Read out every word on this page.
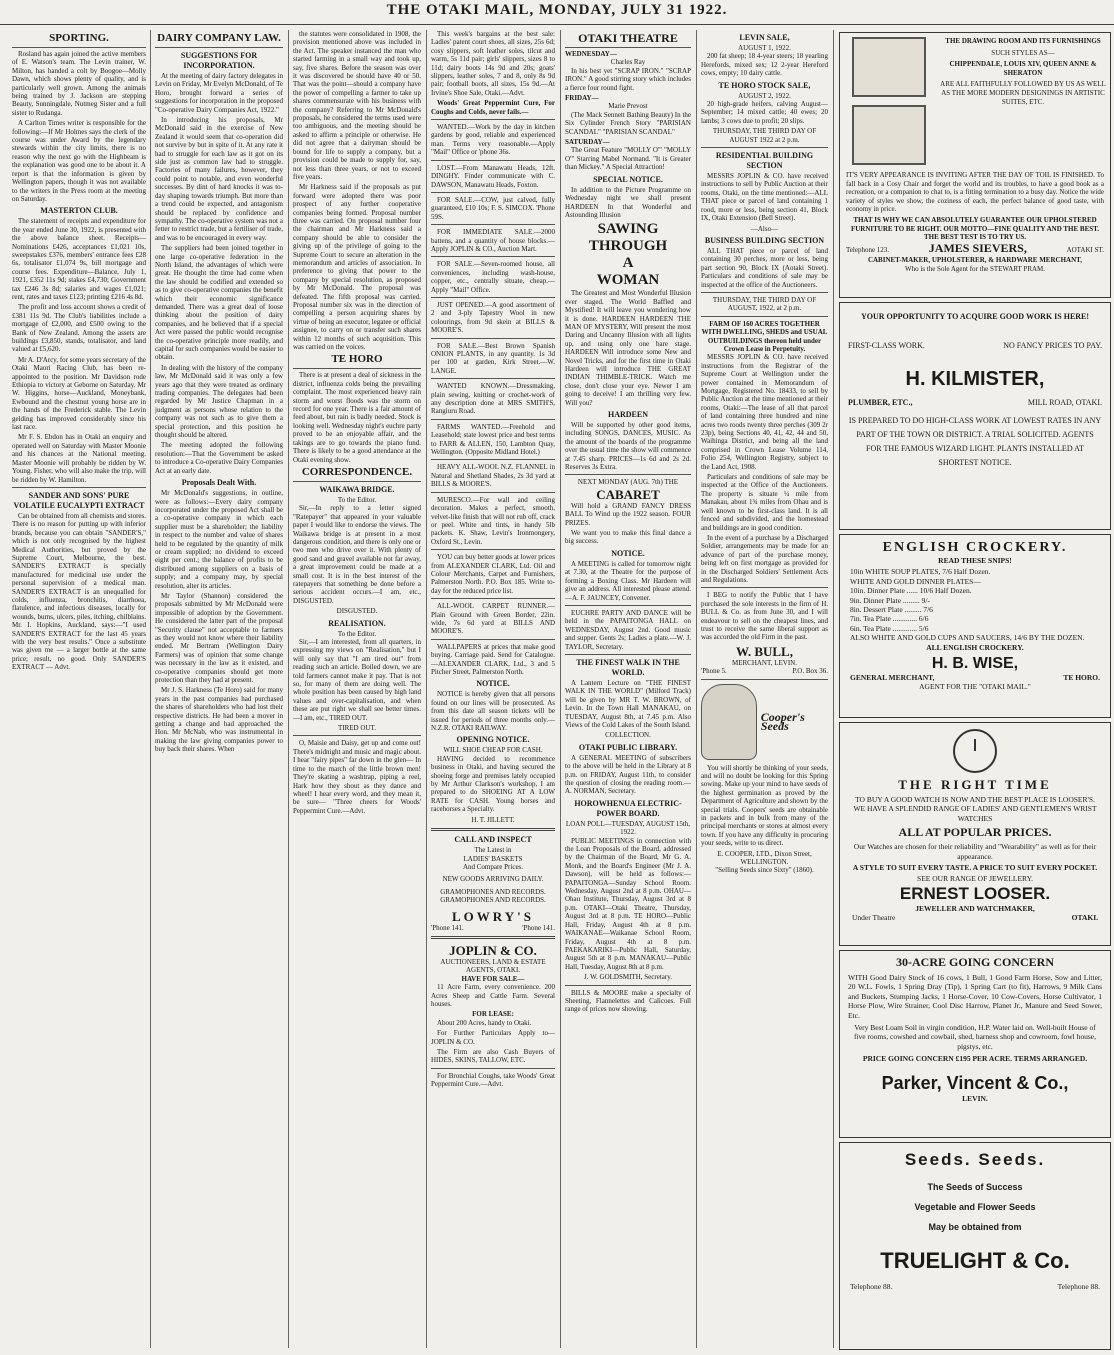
THE OTAKI MAIL, MONDAY, JULY 31 1922.
SPORTING.

Rosland has again joined the active members of E. Watson's team. The Levin trainer, W. Milton, has handed a colt by Boogoe—Molly Dawn, which shows plenty of quality, and is particularly well grown. Among the animals being trained by J. Jackson are stepping Beauty, Sunningdale, Nutmeg Sister and a full sister to Rudanga.

A Carlton Times writer is responsible for the following:—If Mr Holmes says the clerk of the course was under Award by the legendary stewards within the city limits, there is no reason why the next go with the Highbeam is the explanation was good one to be about it. A report is that the information is given by Wellington papers, though it was not available to the writers in the Press room at the meeting on Saturday.

MASTERTON CLUB.

The statement of receipts and expenditure for the year ended June 30, 1922, is presented with the above balance sheet. Receipts—Nominations £426, acceptances £1,021 10s, sweepstakes £376, members' entrance fees £28 6s, totalisator £1,074 9s, bill mortgage and course fees. Expenditure—Balance, July 1, 1921, £352 11s 9d; stakes £4,730; Government tax £246 3s 8d; salaries and wages £1,021; rent, rates and taxes £123; printing £216 4s 8d.

The profit and loss account shows a credit of £381 11s 9d. The Club's liabilities include a mortgage of £2,000, and £500 owing to the Bank of New Zealand. Among the assets are buildings £3,850, stands, totalisator, and land valued at £5,620.

Mr A. D'Arcy, for some years secretary of the Otaki Maori Racing Club, has been re-appointed to the position. Mr Davidson rode Ethiopia to victory at Geborne on Saturday. Mr W. Higgins, horse—Auckland, Moneybank, Ewbound and the chestnut young horse are in the hands of the Frederick stable. The Levin gelding has improved considerably since his last race.

Mr F. S. Ebdon has in Otaki an enquiry and operated well on Saturday with Master Moonie and his chances at the National meeting. Master Moonie will probably be ridden by W. Young. Fisher, who will also make the trip, will be ridden by W. Hamilton.

SANDER AND SONS' PURE VOLATILE EUCALYPTI EXTRACT

Can be obtained from all chemists and stores. There is no reason for putting up with inferior brands, because you can obtain "SANDER'S," which is not only recognised by the highest Medical Authorities, but proved by the Supreme Court, Melbourne, the best. SANDER'S EXTRACT is specially manufactured for medicinal use under the personal supervision of a medical man. SANDER'S EXTRACT is an unequalled for colds, influenza, bronchitis, diarrhoea, flatulence, and infectious diseases, locally for wounds, burns, ulcers, piles, itching, chilblains. Mr. I. Hopkins, Auckland, says:—"I used SANDER'S EXTRACT for the last 45 years with the very best results." Once a substitute was given me — a larger bottle at the same price; result, no good. Only SANDER'S EXTRACT — Advt.

DAIRY COMPANY LAW.
SUGGESTIONS FOR INCORPORATION.

At the meeting of dairy factory delegates in Levin on Friday, Mr Evelyn McDonald, of Te Horo, brought forward a series of suggestions for incorporation in the proposed "Co-operative Dairy Companies Act, 1922."

In introducing his proposals, Mr McDonald said in the exercise of New Zealand it would seem that co-operation did not survive by but in spite of it. At any rate it had to struggle for each law as it got on its side just as common law had to struggle. Factories of many failures, however, they could point to notable, and even wonderful successes. By dint of hard knocks it was to-day shaping towards triumph. But more than a trend could be expected, and antagonism should be replaced by confidence and sympathy. The co-operative system was not a fetter to restrict trade, but a fertiliser of trade, and was to be encouraged in every way.

The suppliers had been joined together in one large co-operative federation in the North Island, the advantages of which were great. He thought the time had come when the law should be codified and extended so as to give co-operative companies the benefit which their economic significance demanded. There was a great deal of loose thinking about the position of dairy companies, and he believed that if a special Act were passed the public would recognise the co-operative principle more readily, and capital for such companies would be easier to obtain.

In dealing with the history of the company law, Mr McDonald said it was only a few years ago that they were treated as ordinary trading companies. The delegates had been regarded by Mr Justice Chapman in a judgment as persons whose relation to the company was not such as to give them a special protection, and this position he thought should be altered.

The meeting adopted the following resolution:—That the Government be asked to introduce a Co-operative Dairy Companies Act at an early date.

Proposals Dealt With.

Mr McDonald's suggestions, in outline, were as follows:—Every dairy company incorporated under the proposed Act shall be a co-operative company in which each supplier must be a shareholder; the liability in respect to the number and value of shares held to be regulated by the quantity of milk or cream supplied; no dividend to exceed eight per cent.; the balance of profits to be distributed among suppliers on a basis of supply; and a company may, by special resolution, alter its articles.

Mr Taylor (Shannon) considered the proposals submitted by Mr McDonald were impossible of adoption by the Government. He considered the latter part of the proposal "Security clause" not acceptable to farmers as they would not know where their liability ended. Mr Bertram (Wellington Dairy Farmers) was of opinion that some change was necessary in the law as it existed, and co-operative companies should get more protection than they had at present.

Mr J. S. Harkness (Te Horo) said for many years in the past companies had purchased the shares of shareholders who had lost their respective districts. He had been a mover in getting a change and had approached the Hon. Mr McNab, who was instrumental in making the law giving companies power to buy back their shares. When

the statutes were consolidated in 1908, the provision mentioned above was included in the Act. The speaker instanced the man who started farming in a small way and took up, say, five shares. Before the season was over it was discovered he should have 40 or 50. That was the point—should a company have the power of compelling a farmer to take up shares commensurate with his business with the company? Referring to Mr McDonald's proposals, he considered the terms used were too ambiguous, and the meeting should be asked to affirm a principle or otherwise. He did not agree that a dairyman should be bound for life to supply a company, but a provision could be made to supply for, say, not less than three years, or not to exceed five years.

Mr Harkness said if the proposals as put forward were adopted there was poor prospect of any further cooperative companies being formed. Proposal number three was carried. On proposal number four the chairman and Mr Harkness said a company should be able to consider the giving up of the privilege of going to the Supreme Court to secure an alteration in the memorandum and articles of association. In preference to giving that power to the company by special resolution, as proposed by Mr McDonald. The proposal was defeated. The fifth proposal was carried. Proposal number six was in the direction of compelling a person acquiring shares by virtue of being an executor, legatee or official assignee, to carry on or transfer such shares within 12 months of such acquisition. This was carried on the voices.

TE HORO

There is at present a deal of sickness in the district, influenza colds being the prevailing complaint. The most experienced heavy rain storm and worst floods was the storm on record for one year. There is a fair amount of feed about, but rain is badly needed. Stock is looking well. Wednesday night's euchre party proved to be an enjoyable affair, and the takings are to go towards the piano fund. There is likely to be a good attendance at the Otaki evening show.

CORRESPONDENCE.
WAIKAWA BRIDGE.
To the Editor.

Sir,—In reply to a letter signed "Ratepayer" that appeared in your valuable paper I would like to endorse the views. The Waikawa bridge is at present in a most dangerous condition, and there is only one or two men who drive over it. With plenty of good sand and gravel available not far away, a great improvement could be made at a small cost. It is in the best interest of the ratepayers that something be done before a serious accident occurs.—I am, etc., DISGUSTED.

DISGUSTED.
REALISATION.
To the Editor.

Sir,—I am interested, from all quarters, in expressing my views on "Realisation," but I will only say that "I am tired out" from reading such an article. Boiled down, we are told farmers cannot make it pay. That is not so, for many of them are doing well. The whole position has been caused by high land values and over-capitalisation, and when these are put right we shall see better times.—I am, etc., TIRED OUT.

TIRED OUT.

O, Maisie and Daisy, get up and come out! There's midnight and music and magic about. I hear "fairy pipes" far down in the glen— In time to the march of the little brown men! They're skating a washtrap, piping a reel, Hark how they shout as they dance and wheel! I hear every word, and they mean it, be sure— "Three cheers for Woods' Peppermint Cure.—Advt.

This week's bargains at the best sale: Ladies' patent court shoes, all sizes, 25s 6d; cosy slippers, soft leather soles, tilcut and warm, 5s 11d pair; girls' slippers, sizes 8 to 11d; dairy boots 14s 9d and 20s; goats' slippers, leather soles, 7 and 8, only 8s 9d pair; football boots, all sizes, 15s 9d.—At Irvine's Shoe Sale, Otaki.—Advt.

Woods' Great Peppermint Cure, For Coughs and Colds, never fails.—

WANTED.—Work by the day in kitchen gardens by good, reliable and experienced man. Terms very reasonable.—Apply "Mail" Office or 'phone 36s.

LOST.—From Manawatu Heads, 12ft. DINGHY. Finder communicate with C. DAWSON, Manawatu Heads, Foxton.

FOR SALE.—COW, just calved, fully guaranteed, £10 10s; F. S. SIMCOX. 'Phone 59S.

FOR IMMEDIATE SALE.—2000 battens, and a quantity of house blocks.—Apply JOPLIN & CO., Auction Mart.

FOR SALE.—Seven-roomed house, all conveniences, including wash-house, copper, etc., centrally situate, cheap.—Apply "Mail" Office.

JUST OPENED.—A good assortment of 2 and 3-ply Tapestry Wool in new colourings, from 9d skein at BILLS & MOORE'S.

FOR SALE.—Best Brown Spanish ONION PLANTS, in any quantity. 1s 3d per 100 at garden, Kirk Street.—W. LANGE.

WANTED KNOWN.—Dressmaking, plain sewing, knitting or crochet-work of any description done at MRS SMITH'S, Rangiuru Road.

FARMS WANTED.—Freehold and Leasehold; state lowest price and best terms to FARR & ALLEN, 150, Lambton Quay, Wellington. (Opposite Midland Hotel.)

HEAVY ALL-WOOL N.Z. FLANNEL in Natural and Shetland Shades, 2s 3d yard at BILLS & MOORE'S.

MURESCO.—For wall and ceiling decoration. Makes a perfect, smooth, velvet-like finish that will not rub off, crack or peel. White and tints, in handy 5lb packets. K. Shaw, Levin's Ironmongery, Oxford St., Levin.

YOU can buy better goods at lower prices from ALEXANDER CLARK, Ltd. Oil and Colour Merchants, Carpet and Furnishers, Palmerston North. P.O. Box 185. Write to-day for the reduced price list.

ALL-WOOL CARPET RUNNER.—Plain Ground with Green Border, 22in. wide, 7s 6d yard at BILLS AND MOORE'S.

WALLPAPERS at prices that make good buying. Carriage paid. Send for Catalogue.—ALEXANDER CLARK, Ltd., 3 and 5 Pitcher Street, Palmerston North.

NOTICE.

NOTICE is hereby given that all persons found on our lines will be prosecuted. As from this date all season tickets will be issued for periods of three months only.—N.Z.R. OTAKI RAILWAY.

OPENING NOTICE.
WILL SHOE CHEAP FOR CASH.

HAVING decided to recommence business in Otaki, and having secured the shoeing forge and premises lately occupied by Mr Arthur Clarkson's workshop, I am prepared to do SHOEING AT A LOW RATE for CASH. Young horses and racehorses a Specialty.

H. T. JILLETT.
CALL AND INSPECT
The Latest in
LADIES' BASKETS
And Compare Prices.
NEW GOODS ARRIVING DAILY.
GRAMOPHONES AND RECORDS. GRAMOPHONES AND RECORDS.
LOWRY'S
'Phone 141.	'Phone 141.
JOPLIN & CO.
AUCTIONEERS, LAND & ESTATE AGENTS, OTAKI.
HAVE FOR SALE—

11 Acre Farm, every convenience. 200 Acres Sheep and Cattle Farm. Several houses.

FOR LEASE:

About 200 Acres, handy to Otaki.

For Further Particulars Apply to—JOPLIN & CO.

The Firm are also Cash Buyers of HIDES, SKINS, TALLOW, ETC.

For Bronchial Coughs, take Woods' Great Peppermint Cure.—Advt.

OTAKI THEATRE
WEDNESDAY—
Charles Ray

In his best yet "SCRAP IRON." "SCRAP IRON." A good stirring story which includes a fierce four round fight.

FRIDAY—
Marie Prevost

(The Mack Sennett Bathing Beauty) In the Six Cylinder French Story "PARISIAN SCANDAL" "PARISIAN SCANDAL"

SATURDAY—

The Great Feature "MOLLY O'" "MOLLY O'" Starring Mabel Normand. "It is Greater than Mickey." A Special Attraction!

SPECIAL NOTICE.

In addition to the Picture Programme on Wednesday night we shall present HARDEEN In that Wonderful and Astounding Illusion

SAWING
THROUGH
A
WOMAN

The Greatest and Most Wonderful Illusion ever staged. The World Baffled and Mystified! It will leave you wondering how it is done. HARDEEN HARDEEN THE MAN OF MYSTERY, Will present the most Daring and Uncanny Illusion with all lights up, and using only one bare stage. HARDEEN Will introduce some New and Novel Tricks, and for the first time in Otaki Hardeen will introduce THE GREAT INDIAN THIMBLE-TRICK. Watch me close, don't close your eye. Newer I am going to deceive! I am thrilling very few. Will you?

HARDEEN

Will be supported by other good items, including SONGS, DANCES, MUSIC. As the amount of the boards of the programme over the usual time the show will commence at 7.45 sharp. PRICES—1s 6d and 2s 2d. Reserves 3s Extra.

NEXT MONDAY (AUG. 7th) THE
CABARET

Will hold a GRAND FANCY DRESS BALL To Wind up the 1922 season. FOUR PRIZES.

We want you to make this final dance a big success.

NOTICE.

A MEETING is called for tomorrow night at 7.30, at the Theatre for the purpose of forming a Boxing Class. Mr Hardeen will give an address. All interested please attend.—A. F. JAUNCEY, Convener.

EUCHRE PARTY AND DANCE will be held in the PAPAITONGA HALL on WEDNESDAY, August 2nd. Good music and supper. Gents 2s; Ladies a plate.—W. J. TAYLOR, Secretary.

THE FINEST WALK IN THE WORLD.

A Lantern Lecture on "THE FINEST WALK IN THE WORLD" (Milford Track) will be given by MR T. W. BROWN, of Levin. In the Town Hall MANAKAU, on TUESDAY, August 8th, at 7.45 p.m. Also Views of the Cold Lakes of the South Island.

COLLECTION.
OTAKI PUBLIC LIBRARY.

A GENERAL MEETING of subscribers to the above will be held in the Library at 8 p.m. on FRIDAY, August 11th, to consider the question of closing the reading room.—A. NORMAN, Secretary.

HOROWHENUA ELECTRIC-POWER BOARD.
LOAN POLL—TUESDAY, AUGUST 15th, 1922.

PUBLIC MEETINGS in connection with the Loan Proposals of the Board, addressed by the Chairman of the Board, Mr G. A. Monk, and the Board's Engineer (Mr J. A. Dawson), will be held as follows:—PAPAITONGA—Sunday School Room. Wednesday, August 2nd at 8 p.m. OHAU—Ohau Institute, Thursday, August 3rd at 8 p.m. OTAKI—Otaki Theatre, Thursday, August 3rd at 8 p.m. TE HORO—Public Hall, Friday, August 4th at 8 p.m. WAIKANAE—Waikanae School Room, Friday, August 4th at 8 p.m. PAEKAKARIKI—Public Hall, Saturday, August 5th at 8 p.m. MANAKAU—Public Hall, Tuesday, August 8th at 8 p.m.

J. W. GOLDSMITH, Secretary.

BILLS & MOORE make a specialty of Sheeting, Flannelettes and Calicoes. Full range of prices now showing.

LEVIN SALE,
AUGUST 1, 1922.

200 fat sheep; 18 4-year steers; 18 yearling Herefords, mixed sex; 12 2-year Hereford cows, empty; 10 dairy cattle.

TE HORO STOCK SALE,
AUGUST 2, 1922.

20 high-grade heifers, calving August—September; 14 mixed cattle; 40 ewes; 20 lambs; 3 cows due to profit; 20 slips.

THURSDAY, THE THIRD DAY OF AUGUST 1922 at 2 p.m.
RESIDENTIAL BUILDING SECTION

MESSRS JOPLIN & CO. have received instructions to sell by Public Auction at their rooms, Otaki, on the time mentioned:—ALL THAT piece or parcel of land containing 1 rood, more or less, being section 41, Block IX, Otaki Extension (Bell Street).

—Also—
BUSINESS BUILDING SECTION

ALL THAT piece or parcel of land containing 30 perches, more or less, being part section 90, Block IX (Aotaki Street). Particulars and conditions of sale may be inspected at the office of the Auctioneers.

THURSDAY, THE THIRD DAY OF AUGUST, 1922, at 2 p.m.
FARM OF 160 ACRES TOGETHER WITH DWELLING, SHEDS and USUAL OUTBUILDINGS thereon held under Crown Lease in Perpetuity.

MESSRS JOPLIN & CO. have received instructions from the Registrar of the Supreme Court at Wellington under the power contained in Memorandum of Mortgage, Registered No. 18433, to sell by Public Auction at the time mentioned at their rooms, Otaki:—The lease of all that parcel of land containing three hundred and nine acres two roods twenty three perches (309 2r 23p), being Sections 40, 41, 42, 44 and 50, Waihinga District, and being all the land comprised in Crown Lease Volume 114, Folio 254, Wellington Registry, subject to the Land Act, 1908.

Particulars and conditions of sale may be inspected at the Office of the Auctioneers. The property is situate ¼ mile from Manakau, about 1¾ miles from Ohau and is well known to be first-class land. It is all fenced and subdivided, and the homestead and buildings are in good condition.

In the event of a purchase by a Discharged Soldier, arrangements may be made for an advance of part of the purchase money, being left on first mortgage as provided for in the Discharged Soldiers' Settlement Acts and Regulations.

I BEG to notify the Public that I have purchased the sole interests in the firm of H. BULL & Co. as from June 30, and I will endeavour to sell on the cheapest lines, and trust to receive the same liberal support as was accorded the old Firm in the past.

W. BULL,
MERCHANT, LEVIN.
'Phone 5.	P.O. Box 36.
Cooper's Seeds

You will shortly be thinking of your seeds, and will no doubt be looking for this Spring sowing. Make up your mind to have seeds of the highest germination as proved by the Department of Agriculture and shown by the special trials. Coopers' seeds are obtainable in packets and in bulk from many of the principal merchants or stores at almost every town. If you have any difficulty in procuring your seeds, write to us direct.

E. COOPER, LTD., Dixon Street, WELLINGTON.
"Selling Seeds since Sixty" (1860).
THE DRAWING ROOM AND ITS FURNISHINGS
SUCH STYLES AS—
CHIPPENDALE, LOUIS XIV, QUEEN ANNE & SHERATON
ARE ALL FAITHFULLY FOLLOWED BY US AS WELL AS THE MORE MODERN DESIGNINGS IN ARTISTIC SUITES, ETC.

IT'S VERY APPEARANCE IS INVITING AFTER THE DAY OF TOIL IS FINISHED. To fall back in a Cosy Chair and forget the world and its troubles, to have a good book as a recreation, or a companion to chat to, is a fitting termination to a busy day. Notice the wide variety of styles we show, the coziness of each, the perfect balance of good taste, with economy in price.

THAT IS WHY WE CAN ABSOLUTELY GUARANTEE OUR UPHOLSTERED FURNITURE TO BE RIGHT. OUR MOTTO—FINE QUALITY AND THE BEST. THE BEST TEST IS TO TRY US.

Telephone 123.	JAMES SIEVERS,	AOTAKI ST.
CABINET-MAKER, UPHOLSTERER, & HARDWARE MERCHANT,
Who is the Sole Agent for the STEWART PRAM.
YOUR OPPORTUNITY TO ACQUIRE GOOD WORK IS HERE!
FIRST-CLASS WORK.	NO FANCY PRICES TO PAY.
H. KILMISTER,
PLUMBER, ETC.,	MILL ROAD, OTAKI.
IS PREPARED TO DO HIGH-CLASS WORK AT LOWEST RATES IN ANY PART OF THE TOWN OR DISTRICT. A TRIAL SOLICITED. AGENTS FOR THE FAMOUS WIZARD LIGHT. PLANTS INSTALLED AT SHORTEST NOTICE.
ENGLISH CROCKERY.
READ THESE SNIPS!
10in WHITE SOUP PLATES, 7/6 Half Dozen.
WHITE AND GOLD DINNER PLATES—
10in. Dinner Plate ...... 10/6 Half Dozen.
9in. Dinner Plate ......... 9/-
8in. Dessert Plate ......... 7/6
7in. Tea Plate ............. 6/6
6in. Tea Plate ............. 5/6
ALSO WHITE AND GOLD CUPS AND SAUCERS, 14/6 BY THE DOZEN.
ALL ENGLISH CROCKERY.
H. B. WISE,
GENERAL MERCHANT,	TE HORO.
AGENT FOR THE "OTAKI MAIL."
THE RIGHT TIME
TO BUY A GOOD WATCH IS NOW AND THE BEST PLACE IS LOOSER'S. WE HAVE A SPLENDID RANGE OF LADIES' AND GENTLEMEN'S WRIST WATCHES
ALL AT POPULAR PRICES.
Our Watches are chosen for their reliability and "Wearability" as well as for their appearance.
A STYLE TO SUIT EVERY TASTE. A PRICE TO SUIT EVERY POCKET.
SEE OUR RANGE OF JEWELLERY.
ERNEST LOOSER.
JEWELLER AND WATCHMAKER,
Under Theatre	OTAKI.
30-ACRE GOING CONCERN

WITH Good Dairy Stock of 16 cows, 1 Bull, 1 Good Farm Horse, Sow and Litter, 20 W.L. Fowls, 1 Spring Dray (Tip), 1 Spring Cart (to fit), Harrows, 9 Milk Cans and Buckets, Stumping Jacks, 1 Horse-Cover, 10 Cow-Covers, Horse Cultivator, 1 Horse Plow, Wire Strainer, Cool Disc Harrow, Planet Jr., Manure and Seed Sower, Etc.

Very Best Loam Soil in virgin condition, H.P. Water laid on. Well-built House of five rooms, cowshed and cowbail, shed, harness shop and cowroom, fowl house, pigstys, etc.

PRICE GOING CONCERN £195 PER ACRE. TERMS ARRANGED.
Parker, Vincent & Co.,
LEVIN.
Seeds. Seeds.
The Seeds of Success
Vegetable and Flower Seeds
May be obtained from
TRUELIGHT & Co.
Telephone 88.	Telephone 88.
